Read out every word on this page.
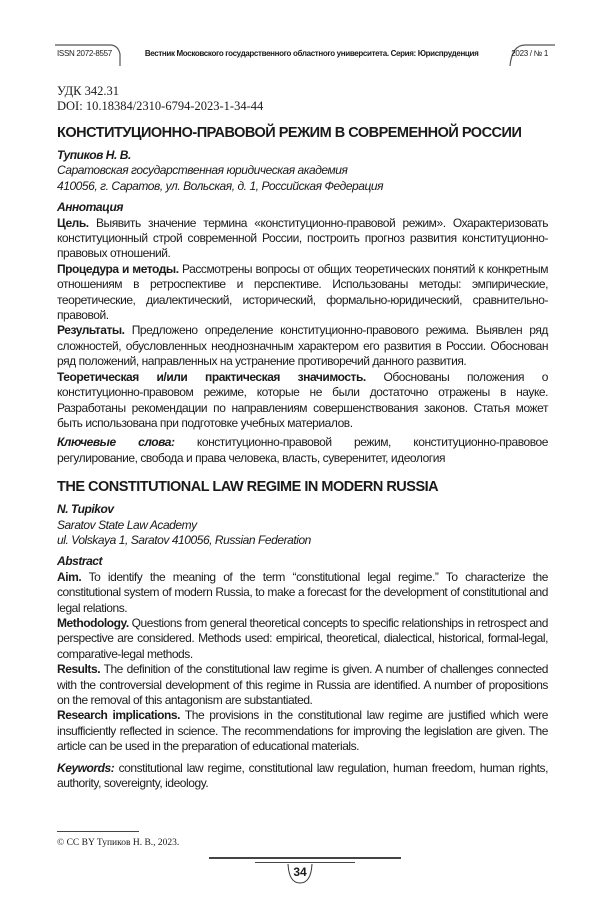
ISSN 2072-8557	Вестник Московского государственного областного университета. Серия: Юриспруденция	2023 / № 1
УДК 342.31
DOI: 10.18384/2310-6794-2023-1-34-44
КОНСТИТУЦИОННО-ПРАВОВОЙ РЕЖИМ В СОВРЕМЕННОЙ РОССИИ
Тупиков Н. В.
Саратовская государственная юридическая академия
410056, г. Саратов, ул. Вольская, д. 1, Российская Федерация

Аннотация

Цель. Выявить значение термина «конституционно-правовой режим». Охарактеризовать конституционный строй современной России, построить прогноз развития конституционно-правовых отношений.

Процедура и методы. Рассмотрены вопросы от общих теоретических понятий к конкретным отношениям в ретроспективе и перспективе. Использованы методы: эмпирические, теоретические, диалектический, исторический, формально-юридический, сравнительно-правовой.

Результаты. Предложено определение конституционно-правового режима. Выявлен ряд сложностей, обусловленных неоднозначным характером его развития в России. Обоснован ряд положений, направленных на устранение противоречий данного развития.

Теоретическая и/или практическая значимость. Обоснованы положения о конституционно-правовом режиме, которые не были достаточно отражены в науке. Разработаны рекомендации по направлениям совершенствования законов. Статья может быть использована при подготовке учебных материалов.

Ключевые слова: конституционно-правовой режим, конституционно-правовое регулирование, свобода и права человека, власть, суверенитет, идеология

THE CONSTITUTIONAL LAW REGIME IN MODERN RUSSIA
N. Tupikov
Saratov State Law Academy
ul. Volskaya 1, Saratov 410056, Russian Federation

Abstract

Aim. To identify the meaning of the term “constitutional legal regime.” To characterize the constitutional system of modern Russia, to make a forecast for the development of constitutional and legal relations.

Methodology. Questions from general theoretical concepts to specific relationships in retrospect and perspective are considered. Methods used: empirical, theoretical, dialectical, historical, formal-legal, comparative-legal methods.

Results. The definition of the constitutional law regime is given. A number of challenges connected with the controversial development of this regime in Russia are identified. A number of propositions on the removal of this antagonism are substantiated.

Research implications. The provisions in the constitutional law regime are justified which were insufficiently reflected in science. The recommendations for improving the legislation are given. The article can be used in the preparation of educational materials.

Keywords: constitutional law regime, constitutional law regulation, human freedom, human rights, authority, sovereignty, ideology.

© CC BY Тупиков Н. В., 2023.
34
